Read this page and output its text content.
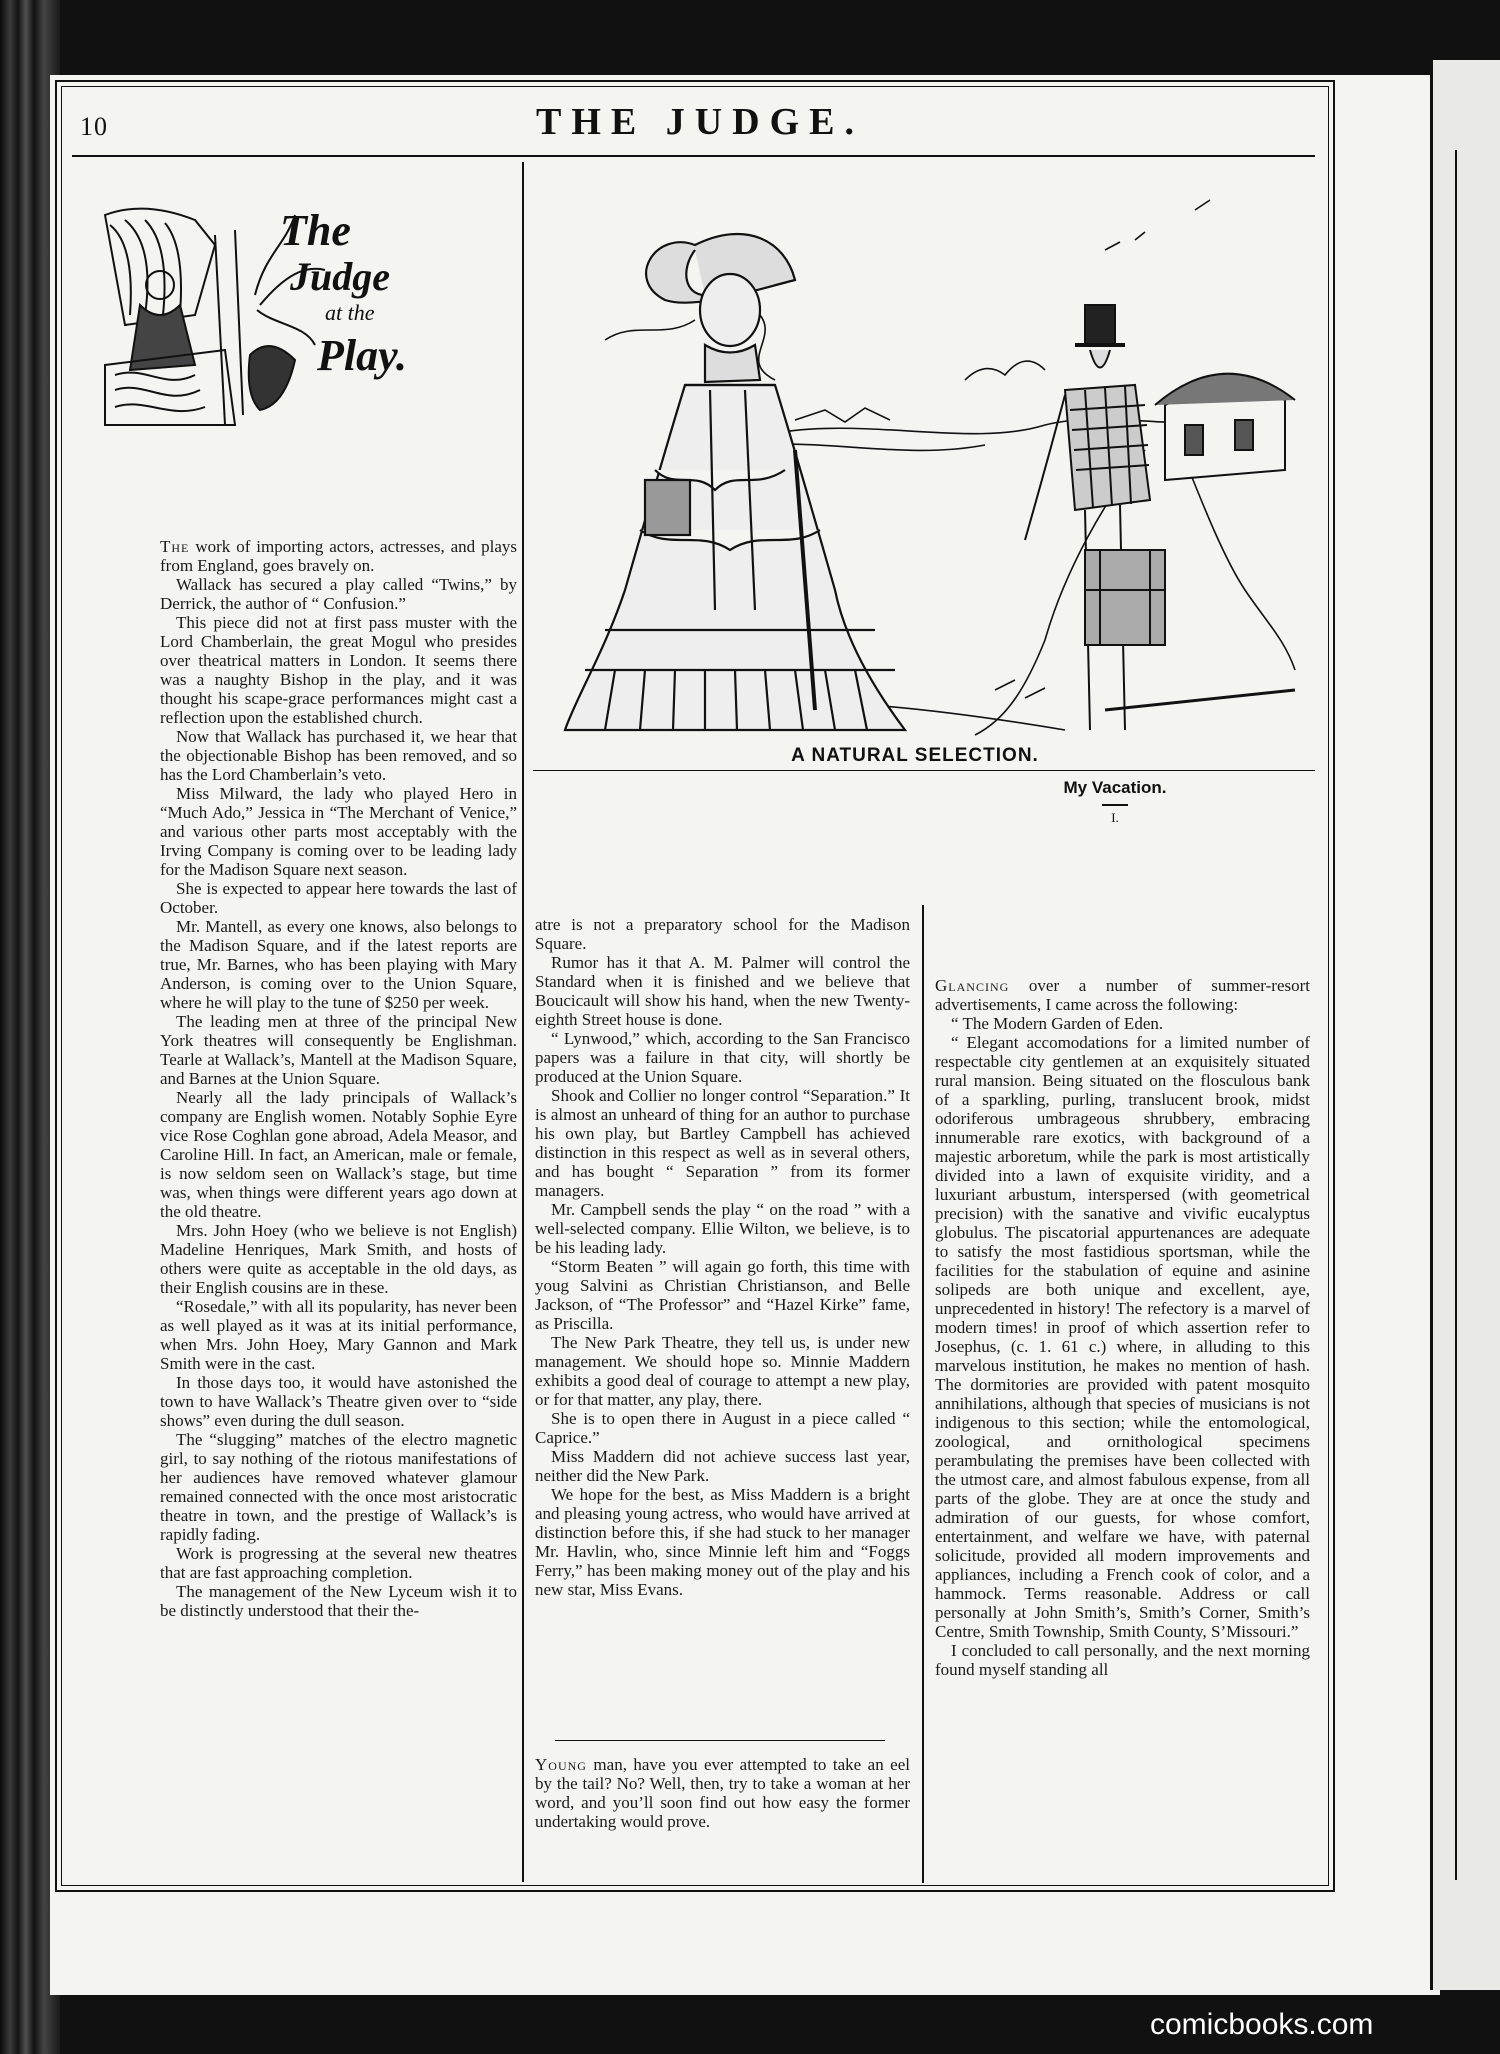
10	THE JUDGE.
The
Judge
at the
Play.

The work of importing actors, actresses, and plays from England, goes bravely on.

Wallack has secured a play called “Twins,” by Derrick, the author of “ Confusion.”

This piece did not at first pass muster with the Lord Chamberlain, the great Mogul who presides over theatrical matters in London. It seems there was a naughty Bishop in the play, and it was thought his scape-grace performances might cast a reflection upon the established church.

Now that Wallack has purchased it, we hear that the objectionable Bishop has been removed, and so has the Lord Chamberlain’s veto.

Miss Milward, the lady who played Hero in “Much Ado,” Jessica in “The Merchant of Venice,” and various other parts most acceptably with the Irving Company is coming over to be leading lady for the Madison Square next season.

She is expected to appear here towards the last of October.

Mr. Mantell, as every one knows, also belongs to the Madison Square, and if the latest reports are true, Mr. Barnes, who has been playing with Mary Anderson, is coming over to the Union Square, where he will play to the tune of $250 per week.

The leading men at three of the principal New York theatres will consequently be Englishman. Tearle at Wallack’s, Mantell at the Madison Square, and Barnes at the Union Square.

Nearly all the lady principals of Wallack’s company are English women. Notably Sophie Eyre vice Rose Coghlan gone abroad, Adela Measor, and Caroline Hill. In fact, an American, male or female, is now seldom seen on Wallack’s stage, but time was, when things were different years ago down at the old theatre.

Mrs. John Hoey (who we believe is not English) Madeline Henriques, Mark Smith, and hosts of others were quite as acceptable in the old days, as their English cousins are in these.

“Rosedale,” with all its popularity, has never been as well played as it was at its initial performance, when Mrs. John Hoey, Mary Gannon and Mark Smith were in the cast.

In those days too, it would have astonished the town to have Wallack’s Theatre given over to “side shows” even during the dull season.

The “slugging” matches of the electro magnetic girl, to say nothing of the riotous manifestations of her audiences have removed whatever glamour remained connected with the once most aristocratic theatre in town, and the prestige of Wallack’s is rapidly fading.

Work is progressing at the several new theatres that are fast approaching completion.

The management of the New Lyceum wish it to be distinctly understood that their the-

A NATURAL SELECTION.

atre is not a preparatory school for the Madison Square.

Rumor has it that A. M. Palmer will control the Standard when it is finished and we believe that Boucicault will show his hand, when the new Twenty-eighth Street house is done.

“ Lynwood,” which, according to the San Francisco papers was a failure in that city, will shortly be produced at the Union Square.

Shook and Collier no longer control “Separation.” It is almost an unheard of thing for an author to purchase his own play, but Bartley Campbell has achieved distinction in this respect as well as in several others, and has bought “ Separation ” from its former managers.

Mr. Campbell sends the play “ on the road ” with a well-selected company. Ellie Wilton, we believe, is to be his leading lady.

“Storm Beaten ” will again go forth, this time with youg Salvini as Christian Christianson, and Belle Jackson, of “The Professor” and “Hazel Kirke” fame, as Priscilla.

The New Park Theatre, they tell us, is under new management. We should hope so. Minnie Maddern exhibits a good deal of courage to attempt a new play, or for that matter, any play, there.

She is to open there in August in a piece called “ Caprice.”

Miss Maddern did not achieve success last year, neither did the New Park.

We hope for the best, as Miss Maddern is a bright and pleasing young actress, who would have arrived at distinction before this, if she had stuck to her manager Mr. Havlin, who, since Minnie left him and “Foggs Ferry,” has been making money out of the play and his new star, Miss Evans.

Young man, have you ever attempted to take an eel by the tail? No? Well, then, try to take a woman at her word, and you’ll soon find out how easy the former undertaking would prove.

My Vacation.
I.

Glancing over a number of summer-resort advertisements, I came across the following:

“ The Modern Garden of Eden.

“ Elegant accomodations for a limited number of respectable city gentlemen at an exquisitely situated rural mansion. Being situated on the flosculous bank of a sparkling, purling, translucent brook, midst odoriferous umbrageous shrubbery, embracing innumerable rare exotics, with background of a majestic arboretum, while the park is most artistically divided into a lawn of exquisite viridity, and a luxuriant arbustum, interspersed (with geometrical precision) with the sanative and vivific eucalyptus globulus. The piscatorial appurtenances are adequate to satisfy the most fastidious sportsman, while the facilities for the stabulation of equine and asinine solipeds are both unique and excellent, aye, unprecedented in history! The refectory is a marvel of modern times! in proof of which assertion refer to Josephus, (c. 1. 61 c.) where, in alluding to this marvelous institution, he makes no mention of hash. The dormitories are provided with patent mosquito annihilations, although that species of musicians is not indigenous to this section; while the entomological, zoological, and ornithological specimens perambulating the premises have been collected with the utmost care, and almost fabulous expense, from all parts of the globe. They are at once the study and admiration of our guests, for whose comfort, entertainment, and welfare we have, with paternal solicitude, provided all modern improvements and appliances, including a French cook of color, and a hammock. Terms reasonable. Address or call personally at John Smith’s, Smith’s Corner, Smith’s Centre, Smith Township, Smith County, S’Missouri.”

I concluded to call personally, and the next morning found myself standing all

comicbooks.com
